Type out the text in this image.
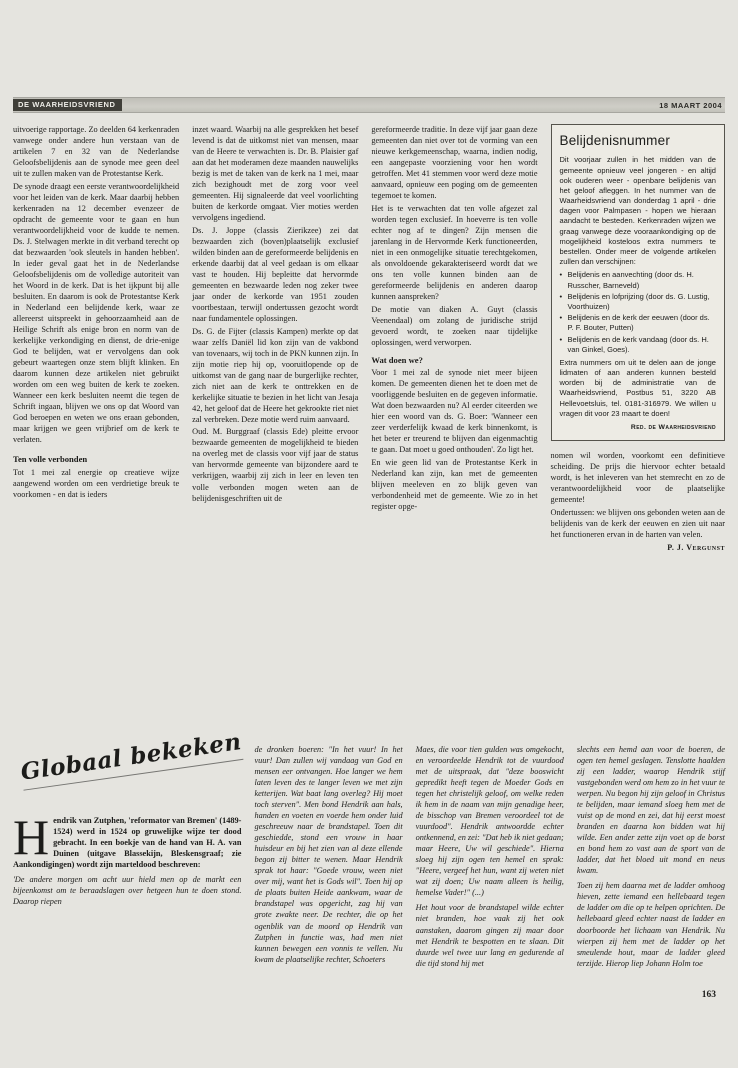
DE WAARHEIDSVRIEND	18 MAART 2004

uitvoerige rapportage. Zo deelden 64 kerkenraden vanwege onder andere hun verstaan van de artikelen 7 en 32 van de Nederlandse Geloofsbelijdenis aan de synode mee geen deel uit te zullen maken van de Protestantse Kerk.

De synode draagt een eerste verantwoordelijkheid voor het leiden van de kerk. Maar daarbij hebben kerkenraden na 12 december evenzeer de opdracht de gemeente voor te gaan en hun verantwoordelijkheid voor de kudde te nemen. Ds. J. Stelwagen merkte in dit verband terecht op dat bezwaarden 'ook sleutels in handen hebben'. In ieder geval gaat het in de Nederlandse Geloofsbelijdenis om de volledige autoriteit van het Woord in de kerk. Dat is het ijkpunt bij alle besluiten. En daarom is ook de Protestantse Kerk in Nederland een belijdende kerk, waar ze allereerst uitspreekt in gehoorzaamheid aan de Heilige Schrift als enige bron en norm van de kerkelijke verkondiging en dienst, de drie-enige God te belijden, wat er vervolgens dan ook gebeurt waartegen onze stem blijft klinken. En daarom kunnen deze artikelen niet gebruikt worden om een weg buiten de kerk te zoeken. Wanneer een kerk besluiten neemt die tegen de Schrift ingaan, blijven we ons op dat Woord van God beroepen en weten we ons eraan gebonden, maar krijgen we geen vrijbrief om de kerk te verlaten.

Ten volle verbonden

Tot 1 mei zal energie op creatieve wijze aangewend worden om een verdrietige breuk te voorkomen - en dat is ieders

inzet waard. Waarbij na alle gesprekken het besef levend is dat de uitkomst niet van mensen, maar van de Heere te verwachten is. Dr. B. Plaisier gaf aan dat het moderamen deze maanden nauwelijks bezig is met de taken van de kerk na 1 mei, maar zich bezighoudt met de zorg voor veel gemeenten. Hij signaleerde dat veel voorlichting buiten de kerkorde omgaat. Vier moties werden vervolgens ingediend.

Ds. J. Joppe (classis Zierikzee) zei dat bezwaarden zich (boven)plaatselijk exclusief wilden binden aan de gereformeerde belijdenis en erkende daarbij dat al veel gedaan is om elkaar vast te houden. Hij bepleitte dat hervormde gemeenten en bezwaarde leden nog zeker twee jaar onder de kerkorde van 1951 zouden voortbestaan, terwijl ondertussen gezocht wordt naar fundamentele oplossingen.

Ds. G. de Fijter (classis Kampen) merkte op dat waar zelfs Daniël lid kon zijn van de vakbond van tovenaars, wij toch in de PKN kunnen zijn. In zijn motie riep hij op, vooruitlopende op de uitkomst van de gang naar de burgerlijke rechter, zich niet aan de kerk te onttrekken en de kerkelijke situatie te bezien in het licht van Jesaja 42, het geloof dat de Heere het gekrookte riet niet zal verbreken. Deze motie werd ruim aanvaard.

Oud. M. Burggraaf (classis Ede) pleitte ervoor bezwaarde gemeenten de mogelijkheid te bieden na overleg met de classis voor vijf jaar de status van hervormde gemeente van bijzondere aard te verkrijgen, waarbij zij zich in leer en leven ten volle verbonden mogen weten aan de belijdenisgeschriften uit de

gereformeerde traditie. In deze vijf jaar gaan deze gemeenten dan niet over tot de vorming van een nieuwe kerkgemeenschap, waarna, indien nodig, een aangepaste voorziening voor hen wordt getroffen. Met 41 stemmen voor werd deze motie aanvaard, opnieuw een poging om de gemeenten tegemoet te komen.

Het is te verwachten dat ten volle afgezet zal worden tegen exclusief. In hoeverre is ten volle echter nog af te dingen? Zijn mensen die jarenlang in de Hervormde Kerk functioneerden, niet in een onmogelijke situatie terechtgekomen, als onvoldoende gekarakteriseerd wordt dat we ons ten volle kunnen binden aan de gereformeerde belijdenis en anderen daarop kunnen aanspreken?

De motie van diaken A. Guyt (classis Veenendaal) om zolang de juridische strijd gevoerd wordt, te zoeken naar tijdelijke oplossingen, werd verworpen.

Wat doen we?

Voor 1 mei zal de synode niet meer bijeen komen. De gemeenten dienen het te doen met de voorliggende besluiten en de gegeven informatie. Wat doen bezwaarden nu? Al eerder citeerden we hier een woord van ds. G. Boer: 'Wanneer een zeer verderfelijk kwaad de kerk binnenkomt, is het beter er treurend te blijven dan eigenmachtig te gaan. Dat moet u goed onthouden'. Zo ligt het.

En wie geen lid van de Protestantse Kerk in Nederland kan zijn, kan met de gemeenten blijven meeleven en zo blijk geven van verbondenheid met de gemeente. Wie zo in het register opge-

Belijdenisnummer

Dit voorjaar zullen in het midden van de gemeente opnieuw veel jongeren - en altijd ook ouderen weer - openbare belijdenis van het geloof afleggen. In het nummer van de Waarheidsvriend van donderdag 1 april - drie dagen voor Palmpasen - hopen we hieraan aandacht te besteden. Kerkenraden wijzen we graag vanwege deze vooraankondiging op de mogelijkheid kosteloos extra nummers te bestellen. Onder meer de volgende artikelen zullen dan verschijnen:

• Belijdenis en aanvechting (door ds. H. Russcher, Barneveld)
• Belijdenis en lofprijzing (door ds. G. Lustig, Voorthuizen)
• Belijdenis en de kerk der eeuwen (door ds. P. F. Bouter, Putten)
• Belijdenis en de kerk vandaag (door ds. H. van Ginkel, Goes).

Extra nummers om uit te delen aan de jonge lidmaten of aan anderen kunnen besteld worden bij de administratie van de Waarheidsvriend, Postbus 51, 3220 AB Hellevoetsluis, tel. 0181-316979. We willen u vragen dit voor 23 maart te doen!

Red. de Waarheidsvriend

nomen wil worden, voorkomt een definitieve scheiding. De prijs die hiervoor echter betaald wordt, is het inleveren van het stemrecht en zo de verantwoordelijkheid voor de plaatselijke gemeente!

Ondertussen: we blijven ons gebonden weten aan de belijdenis van de kerk der eeuwen en zien uit naar het functioneren ervan in de harten van velen.

P. J. Vergunst
Globaal bekeken
H endrik van Zutphen, 'reformator van Bremen' (1489-1524) werd in 1524 op gruwelijke wijze ter dood gebracht. In een boekje van de hand van H. A. van Duinen (uitgave Blassekijn, Bleskensgraaf; zie Aankondigingen) wordt zijn marteldood beschreven:

'De andere morgen om acht uur hield men op de markt een bijeenkomst om te beraadslagen over hetgeen hun te doen stond. Daarop riepen

de dronken boeren: "In het vuur! In het vuur! Dan zullen wij vandaag van God en mensen eer ontvangen. Hoe langer we hem laten leven des te langer leven we met zijn ketterijen. Wat baat lang overleg? Hij moet toch sterven". Men bond Hendrik aan hals, handen en voeten en voerde hem onder luid geschreeuw naar de brandstapel. Toen dit geschiedde, stond een vrouw in haar huisdeur en bij het zien van al deze ellende begon zij bitter te wenen. Maar Hendrik sprak tot haar: "Goede vrouw, ween niet over mij, want het is Gods wil". Toen hij op de plaats buiten Heide aankwam, waar de brandstapel was opgericht, zag hij van grote zwakte neer. De rechter, die op het ogenblik van de moord op Hendrik van Zutphen in functie was, had men niet kunnen bewegen een vonnis te vellen. Nu kwam de plaatselijke rechter, Schoeters

Maes, die voor tien gulden was omgekocht, en veroordeelde Hendrik tot de vuurdood met de uitspraak, dat "deze booswicht gepredikt heeft tegen de Moeder Gods en tegen het christelijk geloof, om welke reden ik hem in de naam van mijn genadige heer, de bisschop van Bremen veroordeel tot de vuurdood". Hendrik antwoordde echter ontkennend, en zei: "Dat heb ik niet gedaan; maar Heere, Uw wil geschiede". Hierna sloeg hij zijn ogen ten hemel en sprak: "Heere, vergeef het hun, want zij weten niet wat zij doen; Uw naam alleen is heilig, hemelse Vader!" (...)

Het hout voor de brandstapel wilde echter niet branden, hoe vaak zij het ook aanstaken, daarom gingen zij maar door met Hendrik te bespotten en te slaan. Dit duurde wel twee uur lang en gedurende al die tijd stond hij met

slechts een hemd aan voor de boeren, de ogen ten hemel geslagen. Tenslotte haalden zij een ladder, waarop Hendrik stijf vastgebonden werd om hem zo in het vuur te werpen. Nu begon hij zijn geloof in Christus te belijden, maar iemand sloeg hem met de vuist op de mond en zei, dat hij eerst moest branden en daarna kon bidden wat hij wilde. Een ander zette zijn voet op de borst en bond hem zo vast aan de sport van de ladder, dat het bloed uit mond en neus kwam.

Toen zij hem daarna met de ladder omhoog hieven, zette iemand een hellebaard tegen de ladder om die op te helpen oprichten. De hellebaard gleed echter naast de ladder en doorboorde het lichaam van Hendrik. Nu wierpen zij hem met de ladder op het smeulende hout, maar de ladder gleed terzijde. Hierop liep Johann Holm toe

163
